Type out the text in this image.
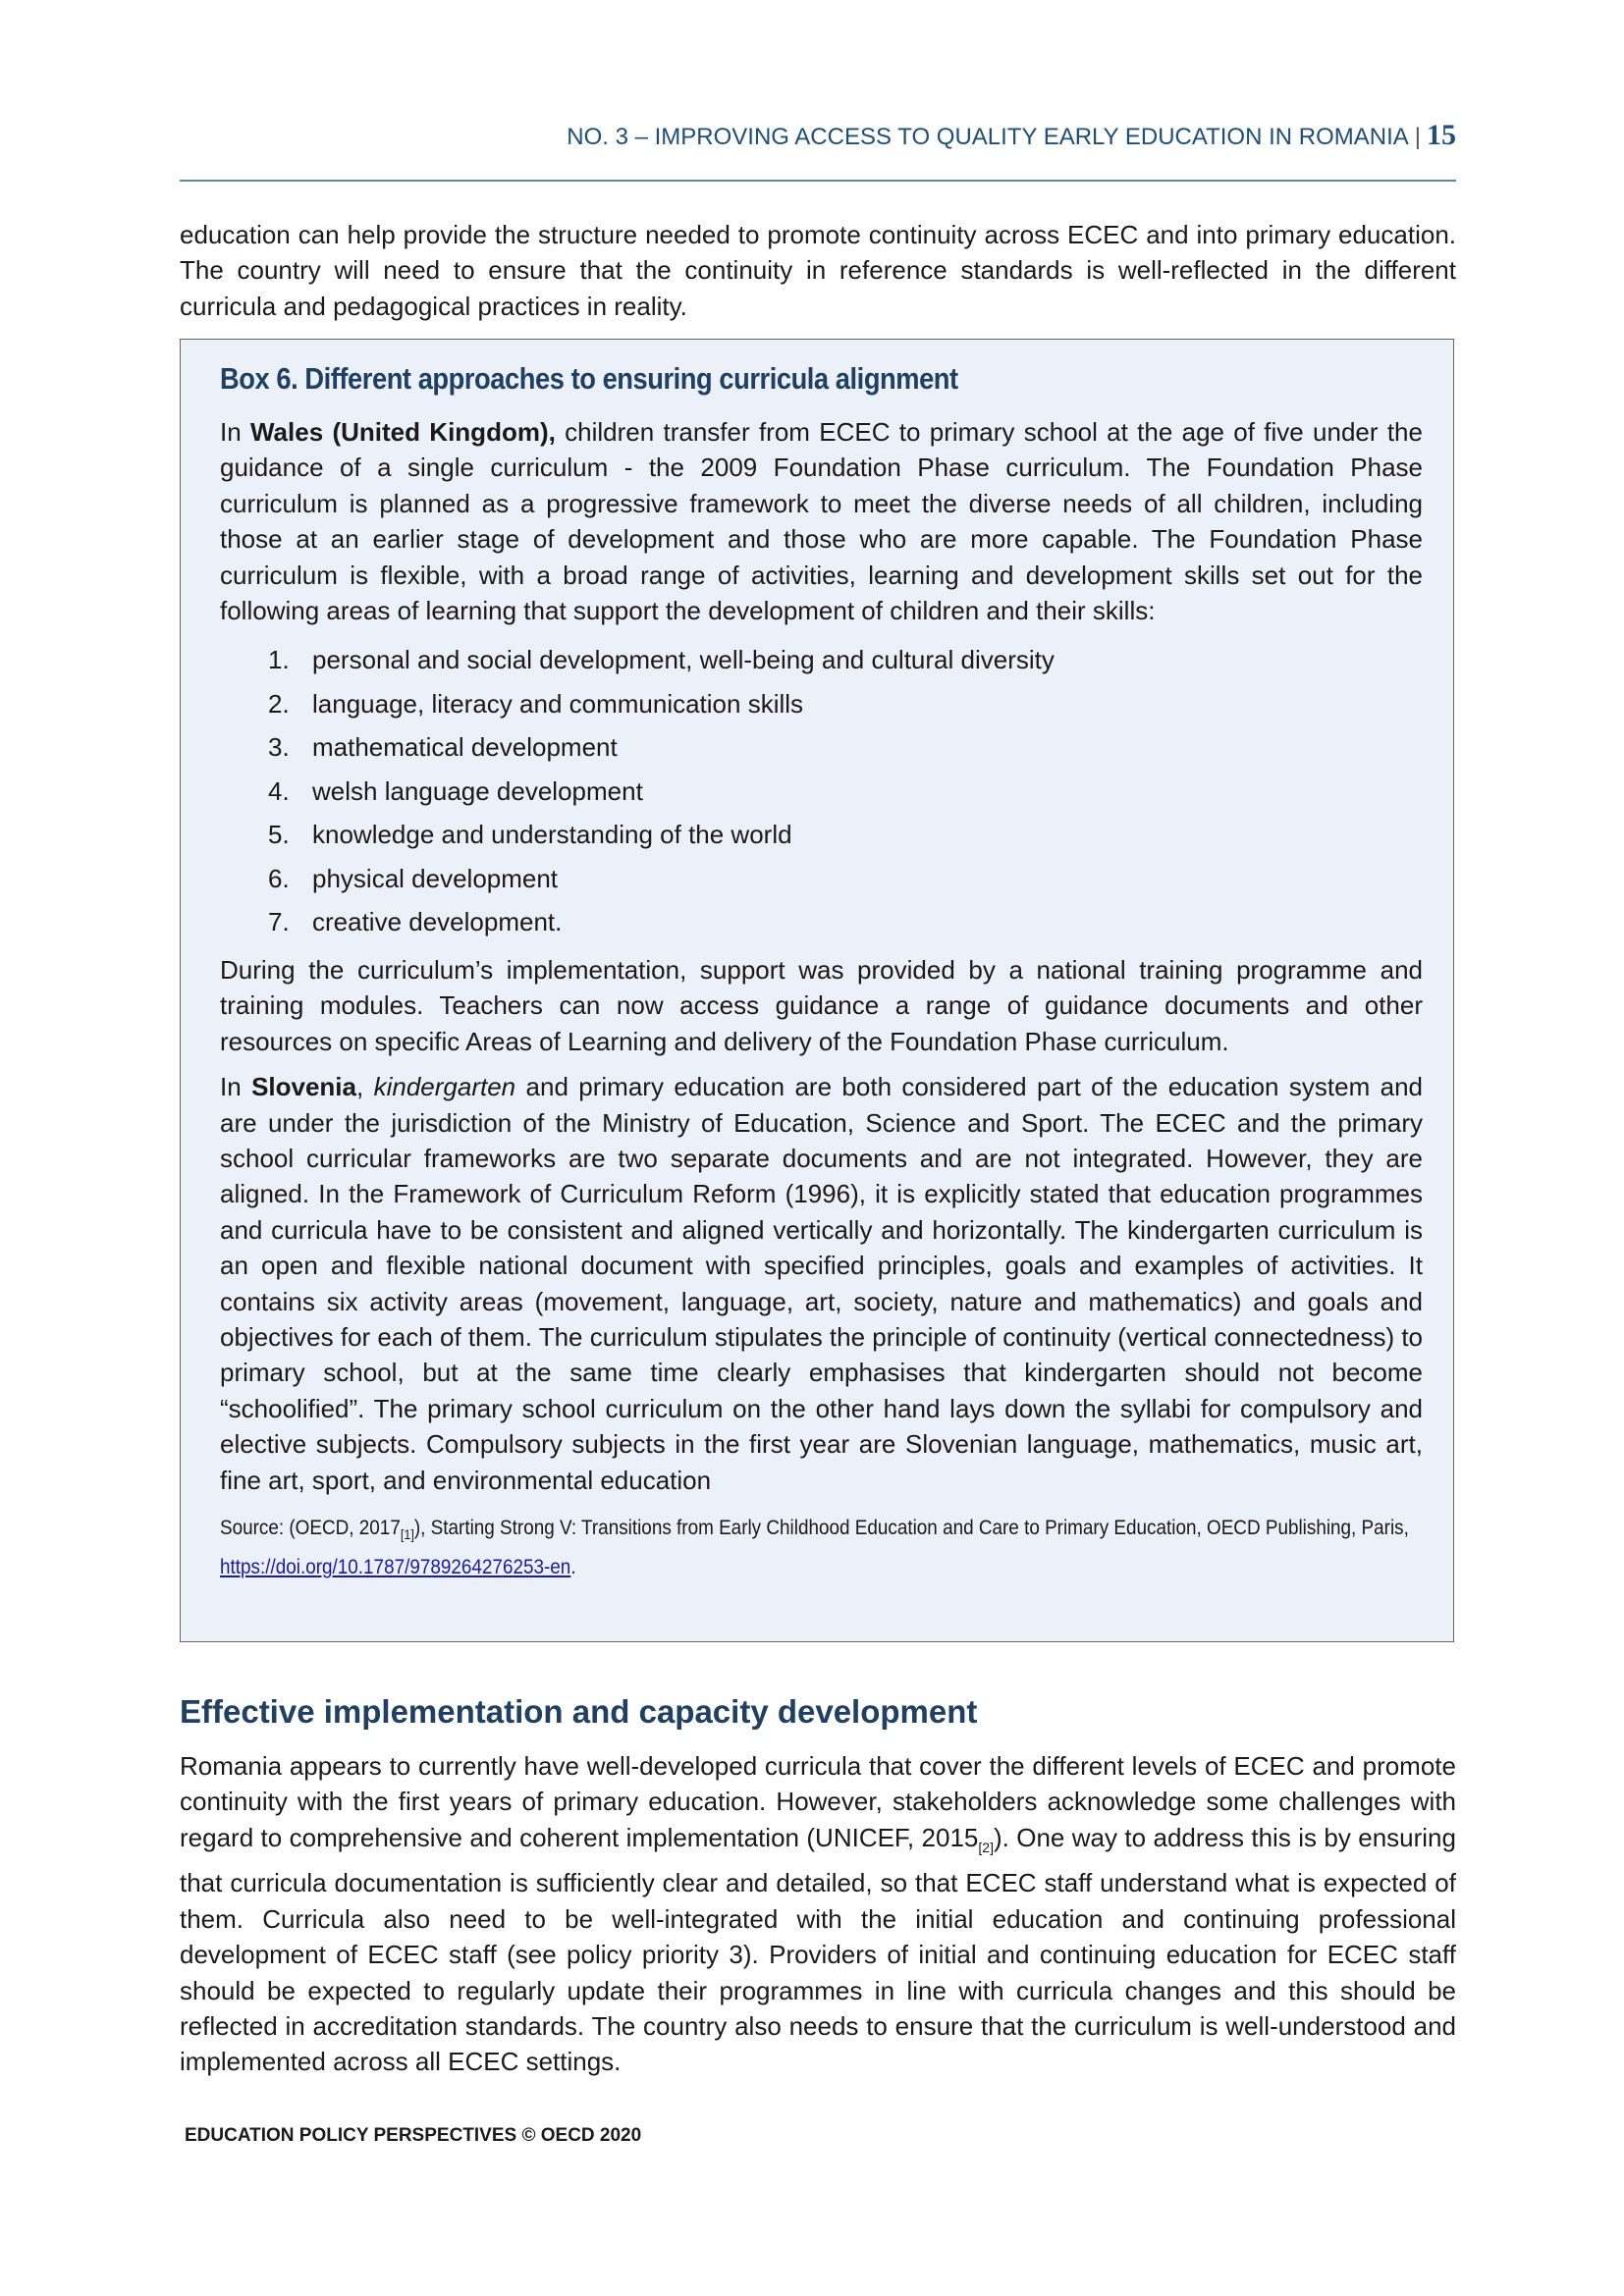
NO. 3 – IMPROVING ACCESS TO QUALITY EARLY EDUCATION IN ROMANIA | 15

education can help provide the structure needed to promote continuity across ECEC and into primary education. The country will need to ensure that the continuity in reference standards is well-reflected in the different curricula and pedagogical practices in reality.

Box 6. Different approaches to ensuring curricula alignment

In Wales (United Kingdom), children transfer from ECEC to primary school at the age of five under the guidance of a single curriculum - the 2009 Foundation Phase curriculum. The Foundation Phase curriculum is planned as a progressive framework to meet the diverse needs of all children, including those at an earlier stage of development and those who are more capable. The Foundation Phase curriculum is flexible, with a broad range of activities, learning and development skills set out for the following areas of learning that support the development of children and their skills:

1. personal and social development, well-being and cultural diversity
2. language, literacy and communication skills
3. mathematical development
4. welsh language development
5. knowledge and understanding of the world
6. physical development
7. creative development.

During the curriculum’s implementation, support was provided by a national training programme and training modules. Teachers can now access guidance a range of guidance documents and other resources on specific Areas of Learning and delivery of the Foundation Phase curriculum.

In Slovenia, kindergarten and primary education are both considered part of the education system and are under the jurisdiction of the Ministry of Education, Science and Sport. The ECEC and the primary school curricular frameworks are two separate documents and are not integrated. However, they are aligned. In the Framework of Curriculum Reform (1996), it is explicitly stated that education programmes and curricula have to be consistent and aligned vertically and horizontally. The kindergarten curriculum is an open and flexible national document with specified principles, goals and examples of activities. It contains six activity areas (movement, language, art, society, nature and mathematics) and goals and objectives for each of them. The curriculum stipulates the principle of continuity (vertical connectedness) to primary school, but at the same time clearly emphasises that kindergarten should not become “schoolified”. The primary school curriculum on the other hand lays down the syllabi for compulsory and elective subjects. Compulsory subjects in the first year are Slovenian language, mathematics, music art, fine art, sport, and environmental education

Source: (OECD, $2017_{[1]}$), Starting Strong V: Transitions from Early Childhood Education and Care to Primary Education, OECD Publishing, Paris, https://doi.org/10.1787/9789264276253-en.
Effective implementation and capacity development

Romania appears to currently have well-developed curricula that cover the different levels of ECEC and promote continuity with the first years of primary education. However, stakeholders acknowledge some challenges with regard to comprehensive and coherent implementation (UNICEF, $2015_{[2]}$). One way to address this is by ensuring that curricula documentation is sufficiently clear and detailed, so that ECEC staff understand what is expected of them. Curricula also need to be well-integrated with the initial education and continuing professional development of ECEC staff (see policy priority 3). Providers of initial and continuing education for ECEC staff should be expected to regularly update their programmes in line with curricula changes and this should be reflected in accreditation standards. The country also needs to ensure that the curriculum is well-understood and implemented across all ECEC settings.

EDUCATION POLICY PERSPECTIVES © OECD 2020
